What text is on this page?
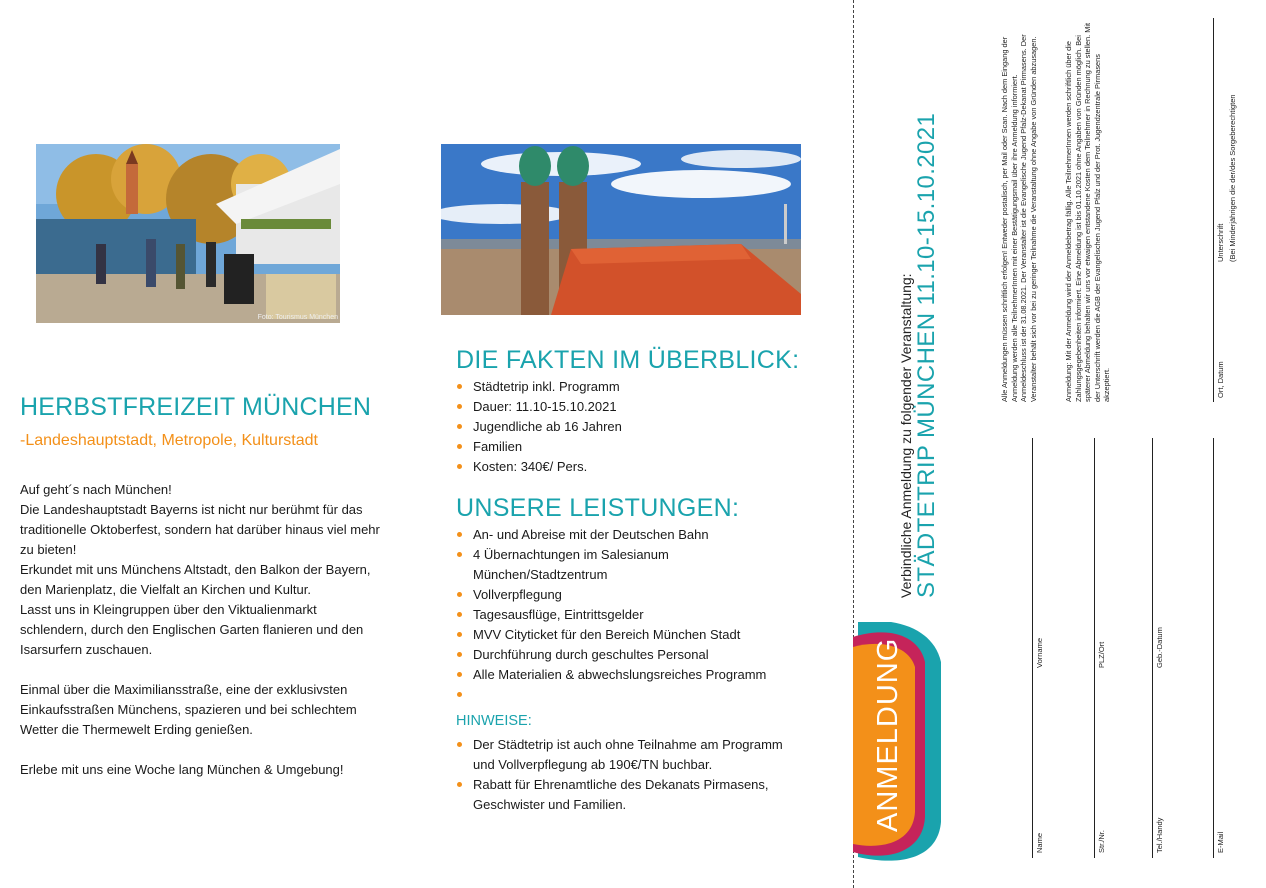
Foto: Tourismus München
HERBSTFREIZEIT MÜNCHEN
-Landeshauptstadt, Metropole, Kulturstadt

Auf geht´s nach München!

Die Landeshauptstadt Bayerns ist nicht nur berühmt für das traditionelle Oktoberfest, sondern hat darüber hinaus viel mehr zu bieten!

Erkundet mit uns Münchens Altstadt, den Balkon der Bayern, den Marienplatz, die Vielfalt an Kirchen und Kultur.

Lasst uns in Kleingruppen über den Viktualienmarkt schlendern, durch den Englischen Garten flanieren und den Isarsurfern zuschauen.

Einmal über die Maximiliansstraße, eine der exklusivsten Einkaufsstraßen Münchens, spazieren und bei schlechtem Wetter die Thermewelt Erding genießen.

Erlebe mit uns eine Woche lang München & Umgebung!

DIE FAKTEN IM ÜBERBLICK:
Städtetrip inkl. Programm
Dauer: 11.10-15.10.2021
Jugendliche ab 16 Jahren
Familien
Kosten: 340€/ Pers.
UNSERE LEISTUNGEN:
An- und Abreise mit der Deutschen Bahn
4 Übernachtungen im Salesianum München/Stadtzentrum
Vollverpflegung
Tagesausflüge, Eintrittsgelder
MVV Cityticket für den Bereich München Stadt
Durchführung durch geschultes Personal
Alle Materialien & abwechslungsreiches Programm
HINWEISE:
Der Städtetrip ist auch ohne Teilnahme am Programm und Vollverpflegung ab 190€/TN buchbar.
Rabatt für Ehrenamtliche des Dekanats Pirmasens, Geschwister und Familien.	ANMELDUNG
Verbindliche Anmeldung zu folgender Veranstaltung: STÄDTETRIP MÜNCHEN 11.10-15.10.2021	Alle Anmeldungen müssen schriftlich erfolgen! Entweder postalisch, per Mail oder Scan. Nach dem Eingang der Anmeldung werden alle TeilnehmerInnen mit einer Bestätigungsmail über ihre Anmeldung informiert. Anmeldeschluss ist der 31.08.2021. Der Veranstalter ist die Evangelische Jugend Pfalz-Dekanat Pirmasens. Der Veranstalter behält sich vor bei zu geringer Teilnahme die Veranstaltung ohne Angabe von Gründen abzusagen.	Anmeldung: Mit der Anmeldung wird der Anmeldebetrag fällig. Alle TeilnehmerInnen werden schriftlich über die Zahlungsgegebenheiten informiert. Eine Abmeldung ist bis 01.10.2021 ohne Angaben von Gründen möglich. Bei späterer Abmeldung behalten wir uns vor etwaigen entstandene Kosten dem Teilnehmer in Rechnung zu stellen. Mit der Unterschrift werden die AGB der Evangelischen Jugend Pfalz und der Prot. Jugendzentrale Pirmasens akzeptiert.
Name
Vorname
Str./Nr.
PLZ/Ort
Tel./Handy
Geb.-Datum
E-Mail
Ort, Datum
Unterschrift (Bei Minderjährigen die der/des Sorgeberechtigten
